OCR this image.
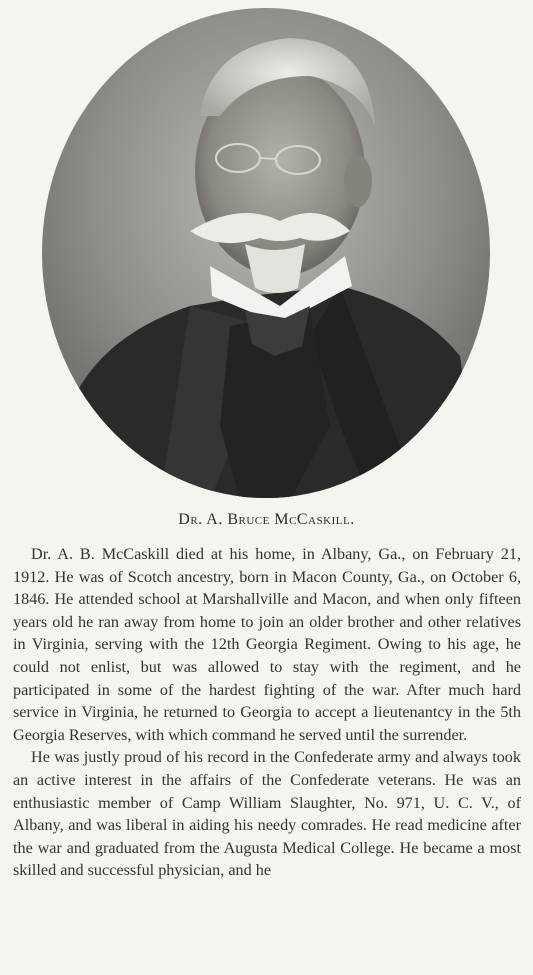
Dr. A. Bruce McCaskill.

Dr. A. B. McCaskill died at his home, in Albany, Ga., on February 21, 1912. He was of Scotch ancestry, born in Macon County, Ga., on October 6, 1846. He attended school at Marshallville and Macon, and when only fifteen years old he ran away from home to join an older brother and other relatives in Virginia, serving with the 12th Georgia Regiment. Owing to his age, he could not enlist, but was allowed to stay with the regiment, and he participated in some of the hardest fighting of the war. After much hard service in Virginia, he returned to Georgia to accept a lieutenantcy in the 5th Georgia Reserves, with which command he served until the surrender.

He was justly proud of his record in the Confederate army and always took an active interest in the affairs of the Confederate veterans. He was an enthusiastic member of Camp William Slaughter, No. 971, U. C. V., of Albany, and was liberal in aiding his needy comrades. He read medicine after the war and graduated from the Augusta Medical College. He became a most skilled and successful physician, and he
